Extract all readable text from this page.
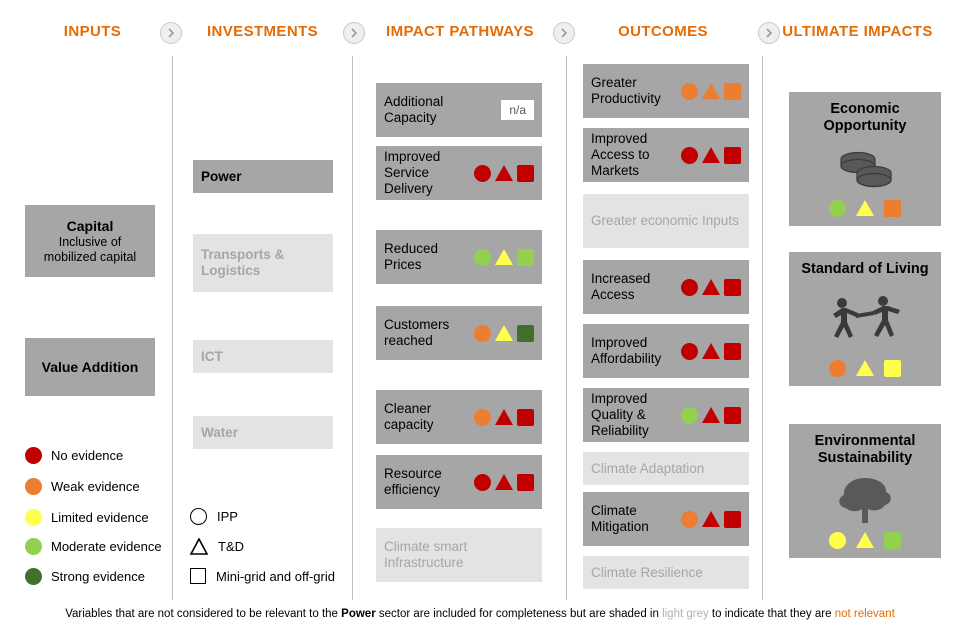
INPUTS	INVESTMENTS	IMPACT PATHWAYS	OUTCOMES	ULTIMATE IMPACTS
Capital
Inclusive of mobilized capital
Value Addition
Power
Transports & Logistics
ICT
Water
Additional Capacity	n/a
Improved Service Delivery
Reduced Prices
Customers reached
Cleaner capacity
Resource efficiency
Climate smart Infrastructure
Greater Productivity
Improved Access to Markets
Greater economic Inputs
Increased Access
Improved Affordability
Improved Quality & Reliability
Climate Adaptation
Climate Mitigation
Climate Resilience
Economic Opportunity
Standard of Living
Environmental Sustainability
No evidence
Weak evidence
Limited evidence
Moderate evidence
Strong evidence
IPP
T&D
Mini-grid and off-grid
Variables that are not considered to be relevant to the Power sector are included for completeness but are shaded in light grey to indicate that they are not relevant
